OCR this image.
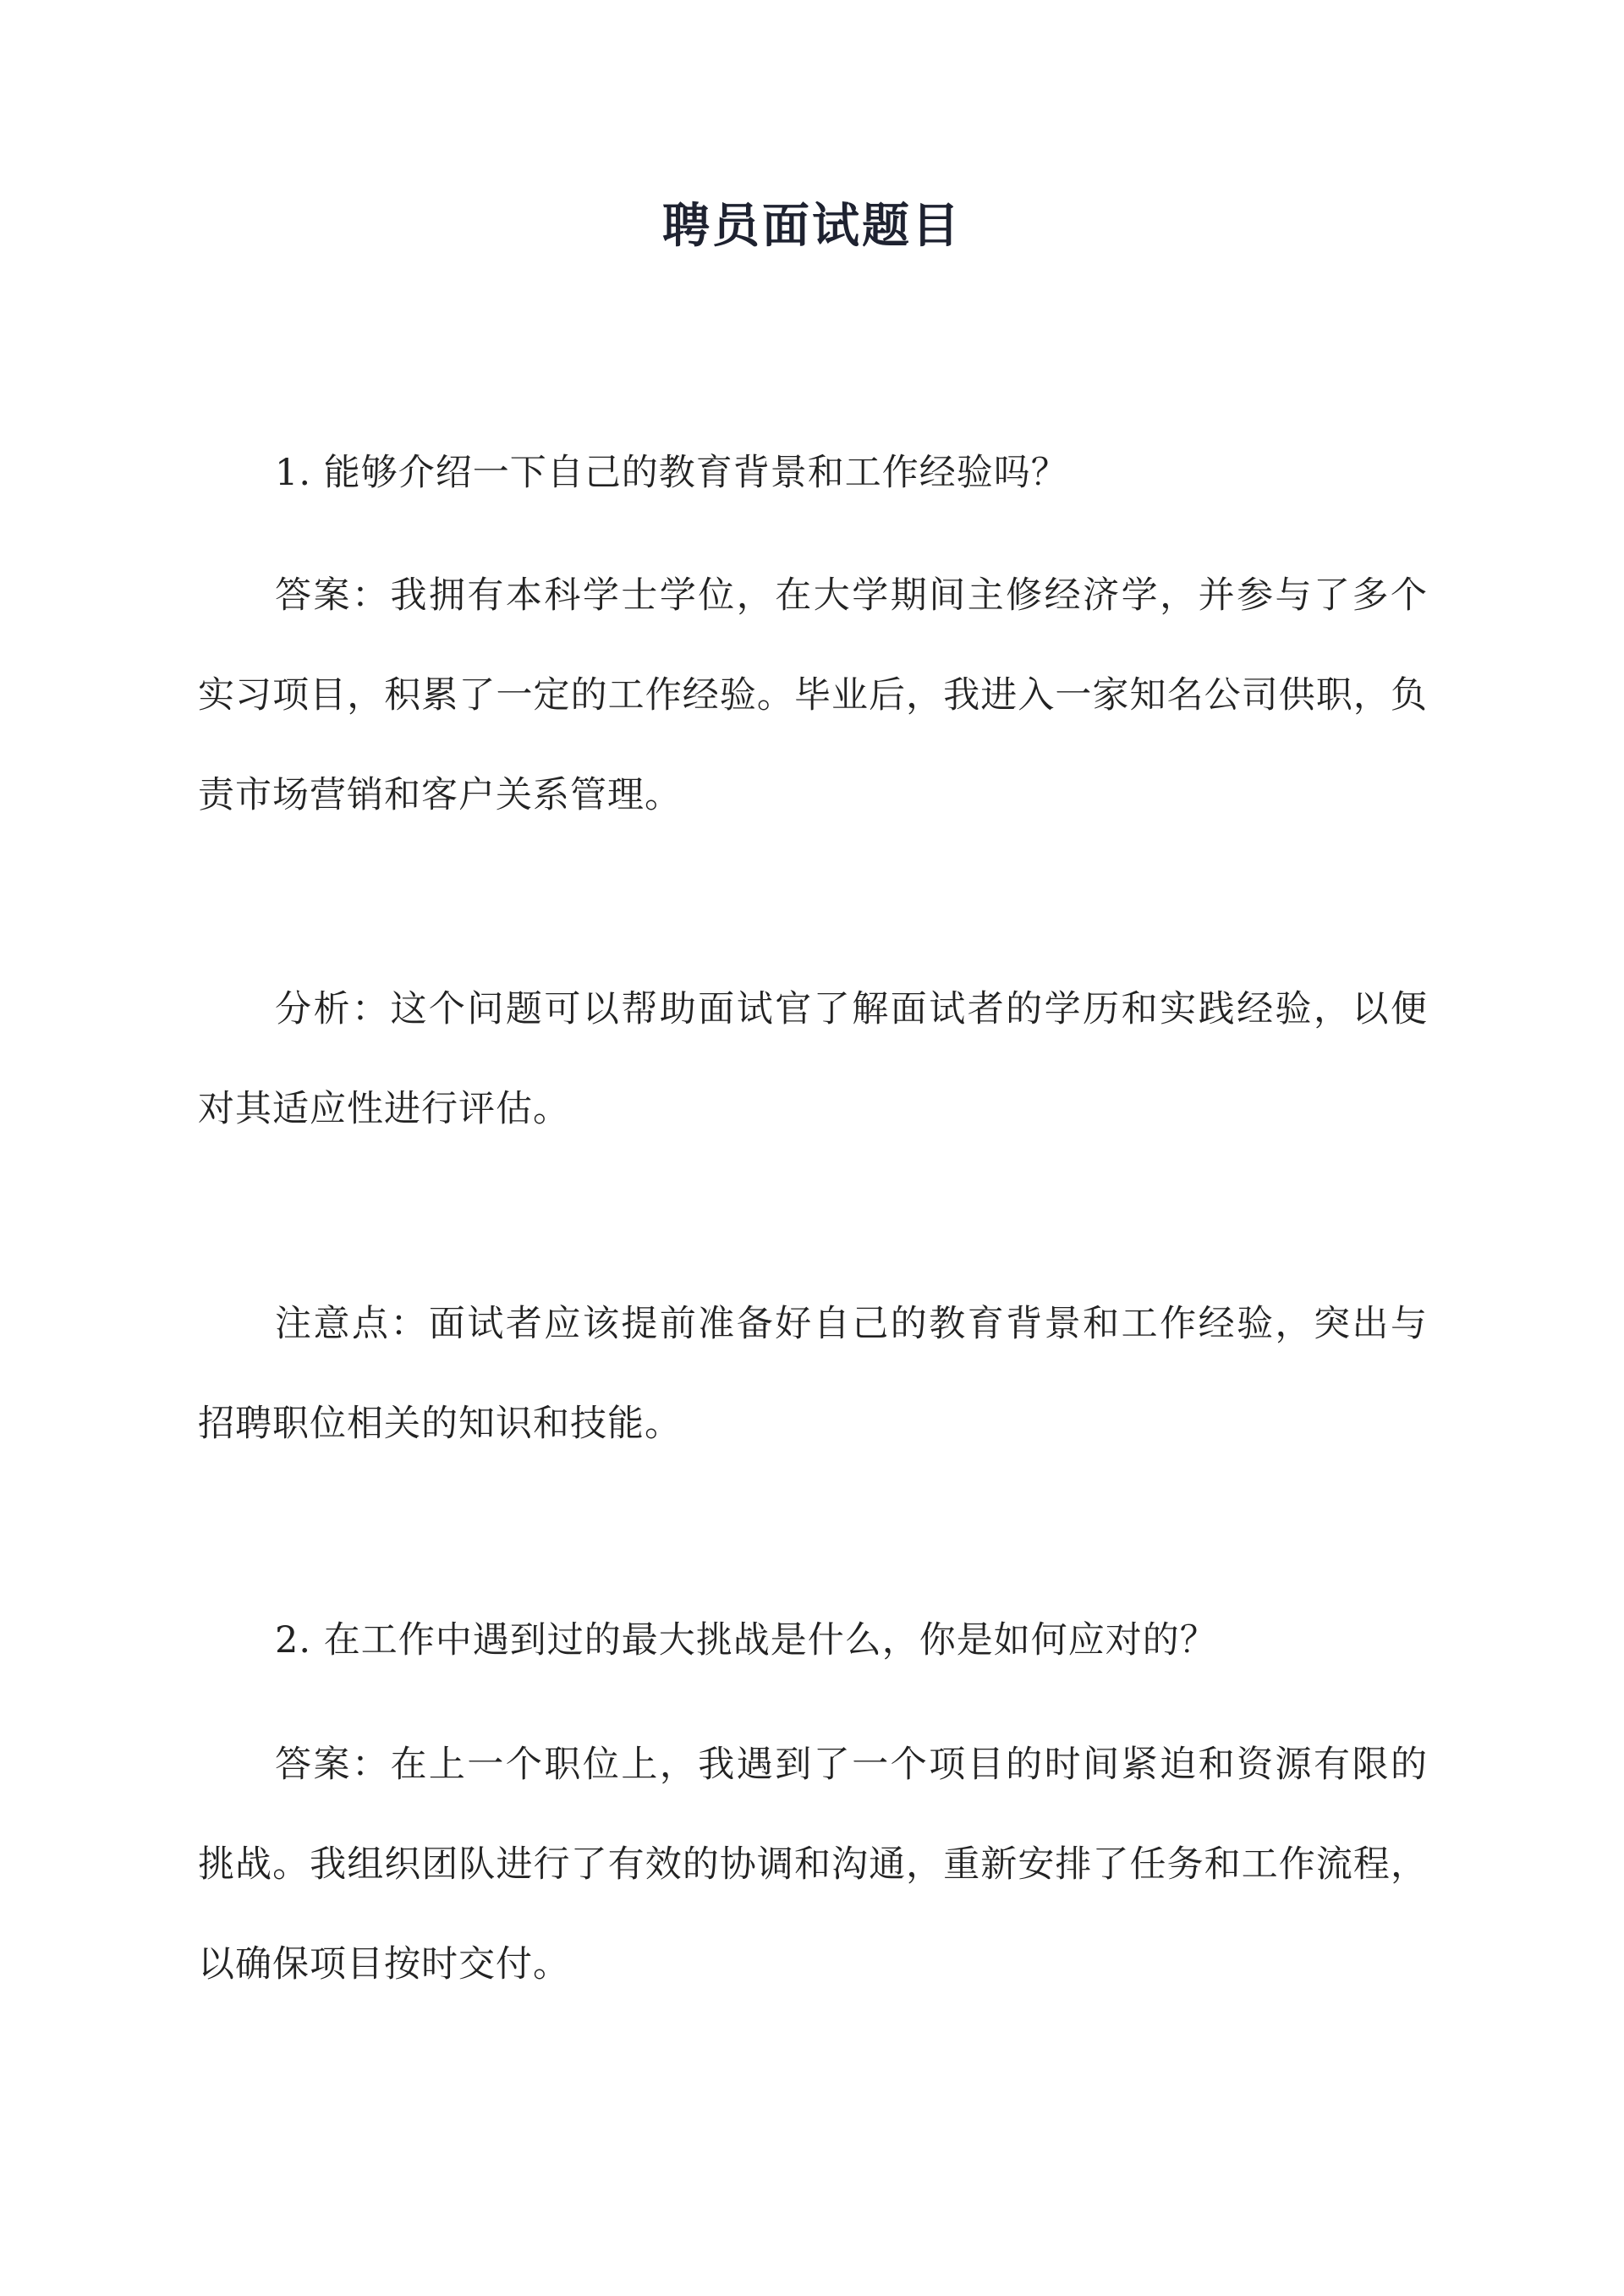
聘员面试题目

1. 能够介绍一下自己的教育背景和工作经验吗？

答案：我拥有本科学士学位，在大学期间主修经济学，并参与了多个实习项目，积累了一定的工作经验。毕业后，我进入一家知名公司供职，负责市场营销和客户关系管理。

分析：这个问题可以帮助面试官了解面试者的学历和实践经验，以便对其适应性进行评估。

注意点：面试者应该提前准备好自己的教育背景和工作经验，突出与招聘职位相关的知识和技能。

2. 在工作中遇到过的最大挑战是什么，你是如何应对的？

答案：在上一个职位上，我遇到了一个项目的时间紧迫和资源有限的挑战。我组织团队进行了有效的协调和沟通，重新安排了任务和工作流程，以确保项目按时交付。
